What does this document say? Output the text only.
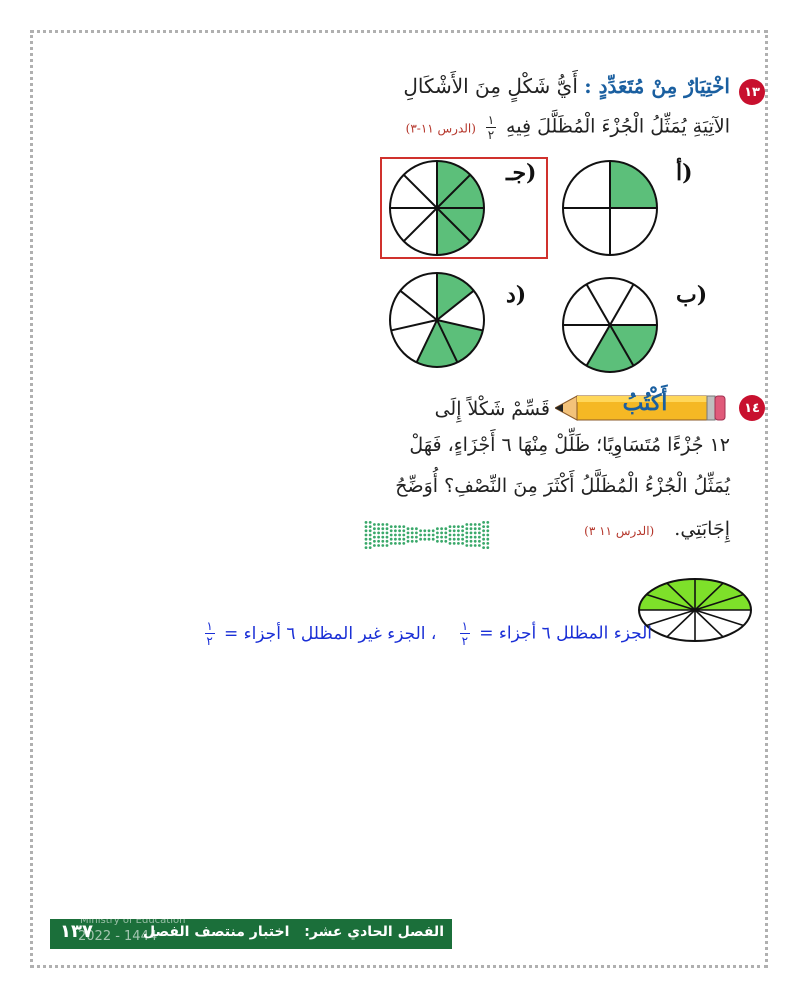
١٣
اخْتِيَارٌ مِنْ مُتَعَدِّدٍ : أَيُّ شَكْلٍ مِنَ الأَشْكَالِ
الآتِيَةِ يُمَثِّلُ الْجُزْءَ الْمُظَلَّلَ فِيهِ
$\frac{١}{٢}$
(الدرس ١١-٣)
أ)
جـ)
ب)
د)
١٤
أَكْتُبُ
قَسِّمْ شَكْلاً إِلَى
١٢ جُزْءًا مُتَسَاوِيًا؛ ظَلِّلْ مِنْهَا ٦ أَجْزَاءٍ، فَهَلْ
يُمَثِّلُ الْجُزْءُ الْمُظَلَّلُ أَكْثَرَ مِنَ النِّصْفِ؟ أُوَضِّحُ
إِجَابَتِي. (الدرس ١١ ٣)
الجزء المظلل ٦ أجزاء =
$\frac{١}{٢}$
، الجزء غير المظلل ٦ أجزاء =
$\frac{١}{٢}$
الفصل الحادي عشر: اختبار منتصف الفصل
١٣٧
Ministry of Education
2022 - 1444
